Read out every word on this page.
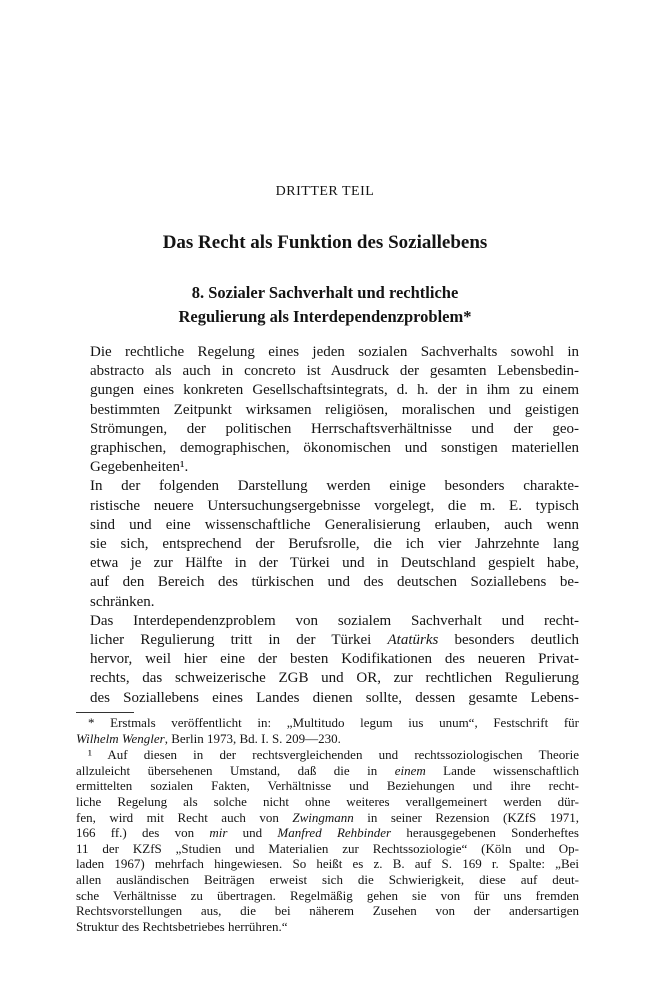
DRITTER TEIL
Das Recht als Funktion des Soziallebens
8. Sozialer Sachverhalt und rechtliche
Regulierung als Interdependenzproblem*

Die rechtliche Regelung eines jeden sozialen Sachverhalts sowohl in
abstracto als auch in concreto ist Ausdruck der gesamten Lebensbedin-
gungen eines konkreten Gesellschaftsintegrats, d. h. der in ihm zu einem
bestimmten Zeitpunkt wirksamen religiösen, moralischen und geistigen
Strömungen, der politischen Herrschaftsverhältnisse und der geo-
graphischen, demographischen, ökonomischen und sonstigen materiellen
Gegebenheiten¹.

In der folgenden Darstellung werden einige besonders charakte-
ristische neuere Untersuchungsergebnisse vorgelegt, die m. E. typisch
sind und eine wissenschaftliche Generalisierung erlauben, auch wenn
sie sich, entsprechend der Berufsrolle, die ich vier Jahrzehnte lang
etwa je zur Hälfte in der Türkei und in Deutschland gespielt habe,
auf den Bereich des türkischen und des deutschen Soziallebens be-
schränken.

Das Interdependenzproblem von sozialem Sachverhalt und recht-
licher Regulierung tritt in der Türkei Atatürks besonders deutlich
hervor, weil hier eine der besten Kodifikationen des neueren Privat-
rechts, das schweizerische ZGB und OR, zur rechtlichen Regulierung
des Soziallebens eines Landes dienen sollte, dessen gesamte Lebens-

* Erstmals veröffentlicht in: „Multitudo legum ius unum“, Festschrift für
Wilhelm Wengler, Berlin 1973, Bd. I. S. 209—230.
¹ Auf diesen in der rechtsvergleichenden und rechtssoziologischen Theorie
allzuleicht übersehenen Umstand, daß die in einem Lande wissenschaftlich
ermittelten sozialen Fakten, Verhältnisse und Beziehungen und ihre recht-
liche Regelung als solche nicht ohne weiteres verallgemeinert werden dür-
fen, wird mit Recht auch von Zwingmann in seiner Rezension (KZfS 1971,
166 ff.) des von mir und Manfred Rehbinder herausgegebenen Sonderheftes
11 der KZfS „Studien und Materialien zur Rechtssoziologie“ (Köln und Op-
laden 1967) mehrfach hingewiesen. So heißt es z. B. auf S. 169 r. Spalte: „Bei
allen ausländischen Beiträgen erweist sich die Schwierigkeit, diese auf deut-
sche Verhältnisse zu übertragen. Regelmäßig gehen sie von für uns fremden
Rechtsvorstellungen aus, die bei näherem Zusehen von der andersartigen
Struktur des Rechtsbetriebes herrühren.“
